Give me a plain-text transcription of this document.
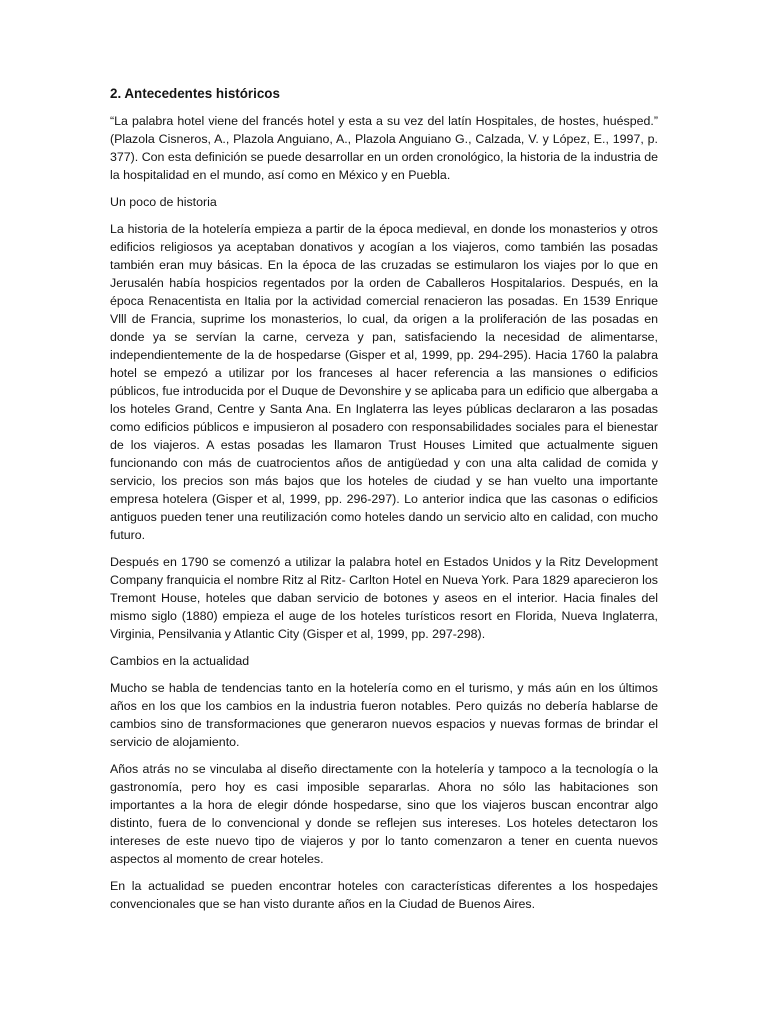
2. Antecedentes históricos

“La palabra hotel viene del francés hotel y esta a su vez del latín Hospitales, de hostes, huésped.” (Plazola Cisneros, A., Plazola Anguiano, A., Plazola Anguiano G., Calzada, V. y López, E., 1997, p. 377). Con esta definición se puede desarrollar en un orden cronológico, la historia de la industria de la hospitalidad en el mundo, así como en México y en Puebla.

Un poco de historia

La historia de la hotelería empieza a partir de la época medieval, en donde los monasterios y otros edificios religiosos ya aceptaban donativos y acogían a los viajeros, como también las posadas también eran muy básicas. En la época de las cruzadas se estimularon los viajes por lo que en Jerusalén había hospicios regentados por la orden de Caballeros Hospitalarios. Después, en la época Renacentista en Italia por la actividad comercial renacieron las posadas. En 1539 Enrique Vlll de Francia, suprime los monasterios, lo cual, da origen a la proliferación de las posadas en donde ya se servían la carne, cerveza y pan, satisfaciendo la necesidad de alimentarse, independientemente de la de hospedarse (Gisper et al, 1999, pp. 294-295). Hacia 1760 la palabra hotel se empezó a utilizar por los franceses al hacer referencia a las mansiones o edificios públicos, fue introducida por el Duque de Devonshire y se aplicaba para un edificio que albergaba a los hoteles Grand, Centre y Santa Ana. En Inglaterra las leyes públicas declararon a las posadas como edificios públicos e impusieron al posadero con responsabilidades sociales para el bienestar de los viajeros. A estas posadas les llamaron Trust Houses Limited que actualmente siguen funcionando con más de cuatrocientos años de antigüedad y con una alta calidad de comida y servicio, los precios son más bajos que los hoteles de ciudad y se han vuelto una importante empresa hotelera (Gisper et al, 1999, pp. 296-297). Lo anterior indica que las casonas o edificios antiguos pueden tener una reutilización como hoteles dando un servicio alto en calidad, con mucho futuro.

Después en 1790 se comenzó a utilizar la palabra hotel en Estados Unidos y la Ritz Development Company franquicia el nombre Ritz al Ritz- Carlton Hotel en Nueva York. Para 1829 aparecieron los Tremont House, hoteles que daban servicio de botones y aseos en el interior. Hacia finales del mismo siglo (1880) empieza el auge de los hoteles turísticos resort en Florida, Nueva Inglaterra, Virginia, Pensilvania y Atlantic City (Gisper et al, 1999, pp. 297-298).

Cambios en la actualidad

Mucho se habla de tendencias tanto en la hotelería como en el turismo, y más aún en los últimos años en los que los cambios en la industria fueron notables. Pero quizás no debería hablarse de cambios sino de transformaciones que generaron nuevos espacios y nuevas formas de brindar el servicio de alojamiento.

Años atrás no se vinculaba al diseño directamente con la hotelería y tampoco a la tecnología o la gastronomía, pero hoy es casi imposible separarlas. Ahora no sólo las habitaciones son importantes a la hora de elegir dónde hospedarse, sino que los viajeros buscan encontrar algo distinto, fuera de lo convencional y donde se reflejen sus intereses. Los hoteles detectaron los intereses de este nuevo tipo de viajeros y por lo tanto comenzaron a tener en cuenta nuevos aspectos al momento de crear hoteles.

En la actualidad se pueden encontrar hoteles con características diferentes a los hospedajes convencionales que se han visto durante años en la Ciudad de Buenos Aires.
